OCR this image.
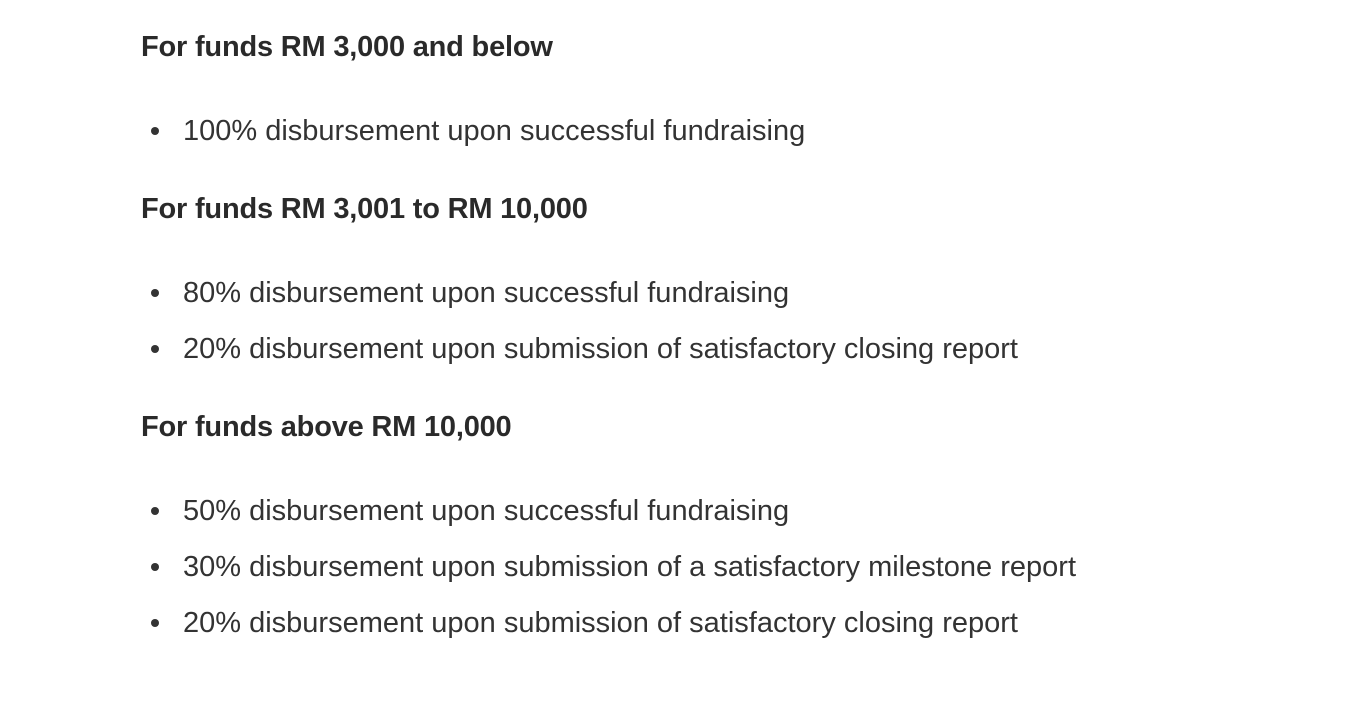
For funds RM 3,000 and below
100% disbursement upon successful fundraising
For funds RM 3,001 to RM 10,000
80% disbursement upon successful fundraising
20% disbursement upon submission of satisfactory closing report
For funds above RM 10,000
50% disbursement upon successful fundraising
30% disbursement upon submission of a satisfactory milestone report
20% disbursement upon submission of satisfactory closing report
